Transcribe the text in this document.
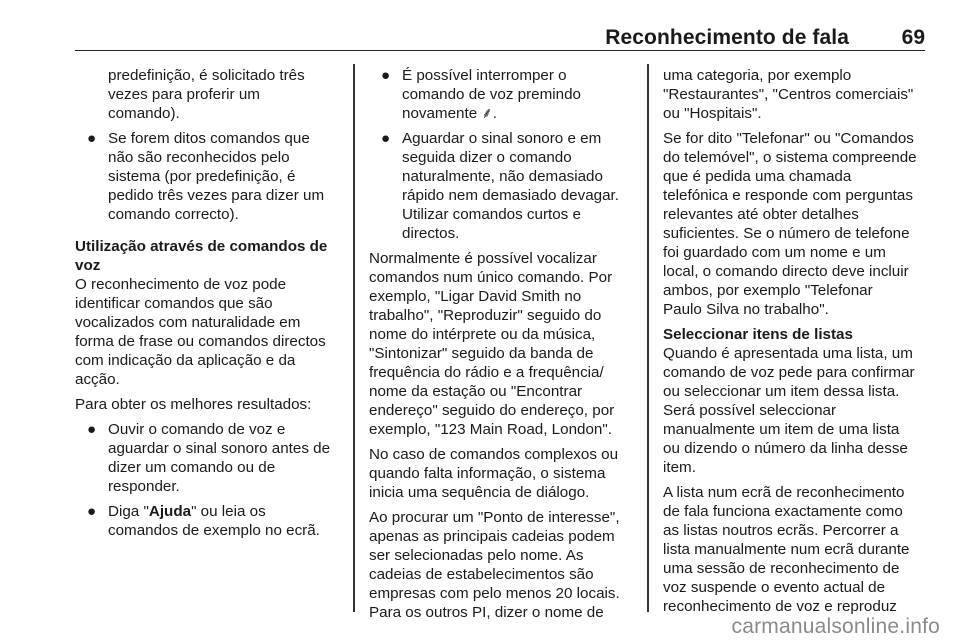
Reconhecimento de fala	69

predefinição, é solicitado três
vezes para proferir um
comando).

● Se forem ditos comandos que
não são reconhecidos pelo
sistema (por predefinição, é
pedido três vezes para dizer um
comando correcto).

Utilização através de comandos de
voz

O reconhecimento de voz pode
identificar comandos que são
vocalizados com naturalidade em
forma de frase ou comandos directos
com indicação da aplicação e da
acção.

Para obter os melhores resultados:

● Ouvir o comando de voz e
aguardar o sinal sonoro antes de
dizer um comando ou de
responder.
● Diga "Ajuda" ou leia os
comandos de exemplo no ecrã.
● É possível interromper o
comando de voz premindo
novamente ⸙.
● Aguardar o sinal sonoro e em
seguida dizer o comando
naturalmente, não demasiado
rápido nem demasiado devagar.
Utilizar comandos curtos e
directos.

Normalmente é possível vocalizar
comandos num único comando. Por
exemplo, "Ligar David Smith no
trabalho", "Reproduzir" seguido do
nome do intérprete ou da música,
"Sintonizar" seguido da banda de
frequência do rádio e a frequência/
nome da estação ou "Encontrar
endereço" seguido do endereço, por
exemplo, "123 Main Road, London".

No caso de comandos complexos ou
quando falta informação, o sistema
inicia uma sequência de diálogo.

Ao procurar um "Ponto de interesse",
apenas as principais cadeias podem
ser selecionadas pelo nome. As
cadeias de estabelecimentos são
empresas com pelo menos 20 locais.
Para os outros PI, dizer o nome de

uma categoria, por exemplo
"Restaurantes", "Centros comerciais"
ou "Hospitais".

Se for dito "Telefonar" ou "Comandos
do telemóvel", o sistema compreende
que é pedida uma chamada
telefónica e responde com perguntas
relevantes até obter detalhes
suficientes. Se o número de telefone
foi guardado com um nome e um
local, o comando directo deve incluir
ambos, por exemplo "Telefonar
Paulo Silva no trabalho".

Seleccionar itens de listas

Quando é apresentada uma lista, um
comando de voz pede para confirmar
ou seleccionar um item dessa lista.
Será possível seleccionar
manualmente um item de uma lista
ou dizendo o número da linha desse
item.

A lista num ecrã de reconhecimento
de fala funciona exactamente como
as listas noutros ecrãs. Percorrer a
lista manualmente num ecrã durante
uma sessão de reconhecimento de
voz suspende o evento actual de
reconhecimento de voz e reproduz

carmanualsonline.info
